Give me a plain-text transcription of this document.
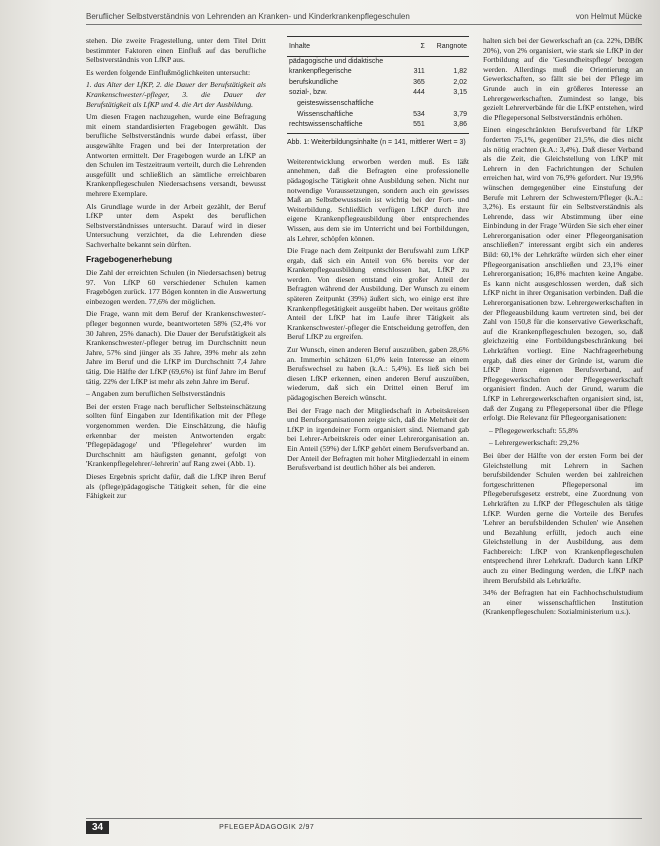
Beruflicher Selbstverständnis von Lehrenden an Kranken- und Kinderkrankenpflegeschulen	von Helmut Mücke

stehen. Die zweite Fragestellung, unter dem Titel Dritt bestimmter Faktoren einen Einfluß auf das berufliche Selbstverständnis von LfKP aus.

Es werden folgende Einflußmöglichkeiten untersucht:

1. das Alter der LfKP, 2. die Dauer der Berufstätigkeit als Krankenschwester/-pfleger, 3. die Dauer der Berufstätigkeit als LfKP und 4. die Art der Ausbildung.

Um diesen Fragen nachzugehen, wurde eine Befragung mit einem standardisierten Fragebogen gewählt. Das berufliche Selbstverständnis wurde dabei erfasst, über ausgewählte Fragen und bei der Interpretation der Antworten ermittelt. Der Fragebogen wurde an LfKP an den Schulen im Testzeitraum verteilt, durch die Lehrenden ausgefüllt und schließlich an sämtliche erreichbaren Krankenpflegeschulen Niedersachsens versandt, bewusst mehrere Exemplare.

Als Grundlage wurde in der Arbeit gezählt, der Beruf LfKP unter dem Aspekt des beruflichen Selbstverständnisses untersucht. Darauf wird in dieser Untersuchung verzichtet, da die Lehrenden diese Sachverhalte bekannt sein dürften.

Fragebogenerhebung

Die Zahl der erreichten Schulen (in Niedersachsen) betrug 97. Von LfKP 60 verschiedener Schulen kamen Fragebögen zurück. 177 Bögen konnten in die Auswertung einbezogen werden. 77,6% der möglichen.

Die Frage, wann mit dem Beruf der Krankenschwester/-pfleger begonnen wurde, beantworteten 58% (52,4% vor 30 Jahren, 25% danach). Die Dauer der Berufstätigkeit als Krankenschwester/-pfleger betrug im Durchschnitt neun Jahre, 57% sind jünger als 35 Jahre, 39% mehr als zehn Jahre im Beruf und die LfKP im Durchschnitt 7,4 Jahre tätig. Die Hälfte der LfKP (69,6%) ist fünf Jahre im Beruf tätig. 22% der LfKP ist mehr als zehn Jahre im Beruf.

– Angaben zum beruflichen Selbstverständnis

Bei der ersten Frage nach beruflicher Selbsteinschätzung sollten fünf Eingaben zur Identifikation mit der Pflege vorgenommen werden. Die Einschätzung, die häufig erkennbar der meisten Antwortenden ergab: 'Pflegepädagoge' und 'Pflegelehrer' wurden im Durchschnitt am häufigsten genannt, gefolgt von 'Krankenpflegelehrer/-lehrerin' auf Rang zwei (Abb. 1).

Dieses Ergebnis spricht dafür, daß die LfKP ihren Beruf als (pflege)pädagogische Tätigkeit sehen, für die eine Fähigkeit zur

Inhalte	Σ	Rangnote
pädagogische und didaktische		
krankenpflegerische	311	1,82
berufskundliche	365	2,02
sozial-, bzw.	444	3,15
geisteswissenschaftliche		
Wissenschaftliche	534	3,79
rechtswissenschaftliche	551	3,86
Abb. 1: Weiterbildungsinhalte (n = 141, mittlerer Wert = 3)

Weiterentwicklung erworben werden muß. Es läßt annehmen, daß die Befragten eine professionelle pädagogische Tätigkeit ohne Ausbildung sehen. Nicht nur notwendige Voraussetzungen, sondern auch ein gewisses Maß an Selbstbewusstsein ist wichtig bei der Fort- und Weiterbildung. Schließlich verfügen LfKP durch ihre eigene Krankenpflegeausbildung über entsprechendes Wissen, aus dem sie im Unterricht und bei Fortbildungen, als Lehrer, schöpfen können.

Die Frage nach dem Zeitpunkt der Berufswahl zum LfKP ergab, daß sich ein Anteil von 6% bereits vor der Krankenpflegeausbildung entschlossen hat, LfKP zu werden. Von diesen entstand ein großer Anteil der Befragten während der Ausbildung. Der Wunsch zu einem späteren Zeitpunkt (39%) äußert sich, wo einige erst ihre Krankenpflegetätigkeit ausgeübt haben. Der weitaus größte Anteil der LfKP hat im Laufe ihrer Tätigkeit als Krankenschwester/-pfleger die Entscheidung getroffen, den Beruf LfKP zu ergreifen.

Zur Wunsch, einen anderen Beruf auszuüben, gaben 28,6% an. Immerhin schätzen 61,0% kein Interesse an einem Berufswechsel zu haben (k.A.: 5,4%). Es ließ sich bei diesen LfKP erkennen, einen anderen Beruf auszuüben, wiederum, daß sich ein Drittel einen Beruf im pädagogischen Bereich wünscht.

Bei der Frage nach der Mitgliedschaft in Arbeitskreisen und Berufsorganisationen zeigte sich, daß die Mehrheit der LfKP in irgendeiner Form organisiert sind. Niemand gab bei Lehrer-Arbeitskreis oder einer Lehrerorganisation an. Ein Anteil (59%) der LfKP gehört einem Berufsverband an. Der Anteil der Befragten mit hoher Mitgliederzahl in einem Berufsverband ist deutlich höher als bei anderen.

halten sich bei der Gewerkschaft an (ca. 22%, DBfK 20%), von 2% organisiert, wie stark sie LfKP in der Fortbildung auf die 'Gesundheitspflege' bezogen werden. Allerdings muß die Orientierung an Gewerkschaften, so fällt sie bei der Pflege im Grunde auch in ein größeres Interesse an Lehrergewerkschaften. Zumindest so lange, bis gezielt Lehrerverbände für die LfKP entstehen, wird die Pflegepersonal Selbstverständnis erhöhen.

Einen eingeschränkten Berufsverband für LfKP forderten 75,1%, gegenüber 21,5%, die dies nicht als nötig erachten (k.A.: 3,4%). Daß dieser Verband als die Zeit, die Gleichstellung von LfKP mit Lehrern in den Fachrichtungen der Schulen erreichen hat, wird von 76,9% gefordert. Nur 19,9% wünschen demgegenüber eine Einstufung der Berufe mit Lehrern der Schwestern/Pfleger (k.A.: 3,2%). Es erstaunt für ein Selbstverständnis als Lehrende, dass wir Abstimmung über eine Einbindung in der Frage 'Würden Sie sich eher einer Lehrerorganisation oder einer Pflegeorganisation anschließen?' interessant ergibt sich ein anderes Bild: 60,1% der Lehrkräfte würden sich eher einer Pflegeorganisation anschließen und 23,1% einer Lehrerorganisation; 16,8% machten keine Angabe. Es kann nicht ausgeschlossen werden, daß sich LfKP nicht in ihrer Organisation verbinden. Daß die Lehrerorganisationen bzw. Lehrergewerkschaften in der Pflegeausbildung kaum vertreten sind, bei der Zahl von 150,8 für die konservative Gewerkschaft, auf die Krankenpflegeschulen bezogen, so, daß gleichzeitig eine Fortbildungsbeschränkung bei Lehrkräften vorliegt. Eine Nachfrageerhebung ergab, daß dies einer der Gründe ist, warum die LfKP ihren eigenen Berufsverband, auf Pflegegewerkschaften oder Pflegegewerkschaft organisiert finden. Auch der Grund, warum die LfKP in Lehrergewerkschaften organisiert sind, ist, daß der Zugang zu Pflegepersonal über die Pflege erfolgt. Die Relevanz für Pflegeorganisationen:

– Pflegegewerkschaft: 55,8%

– Lehrergewerkschaft: 29,2%

Bei über der Hälfte von der ersten Form bei der Gleichstellung mit Lehrern in Sachen berufsbildender Schulen werden bei zahlreichen fortgeschrittenen Pflegepersonal im Pflegeberufsgesetz erstrebt, eine Zuordnung von Lehrkräften zu LfKP der Pflegeschulen als tätige LfKP. Wurden gerne die Vorteile des Berufes 'Lehrer an berufsbildenden Schulen' wie Ansehen und Bezahlung erfüllt, jedoch auch eine Gleichstellung in der Ausbildung, aus dem Fachbereich: LfKP von Krankenpflegeschulen entsprechend ihrer Lehrkraft. Dadurch kann LfKP auch zu einer Bedingung werden, die LfKP nach ihrem Berufsbild als Lehrkräfte.

34% der Befragten hat ein Fachhochschulstudium an einer wissenschaftlichen Institution (Krankenpflegeschulen: Sozialministerium u.s.).

34	PFLEGEPÄDAGOGIK 2/97
